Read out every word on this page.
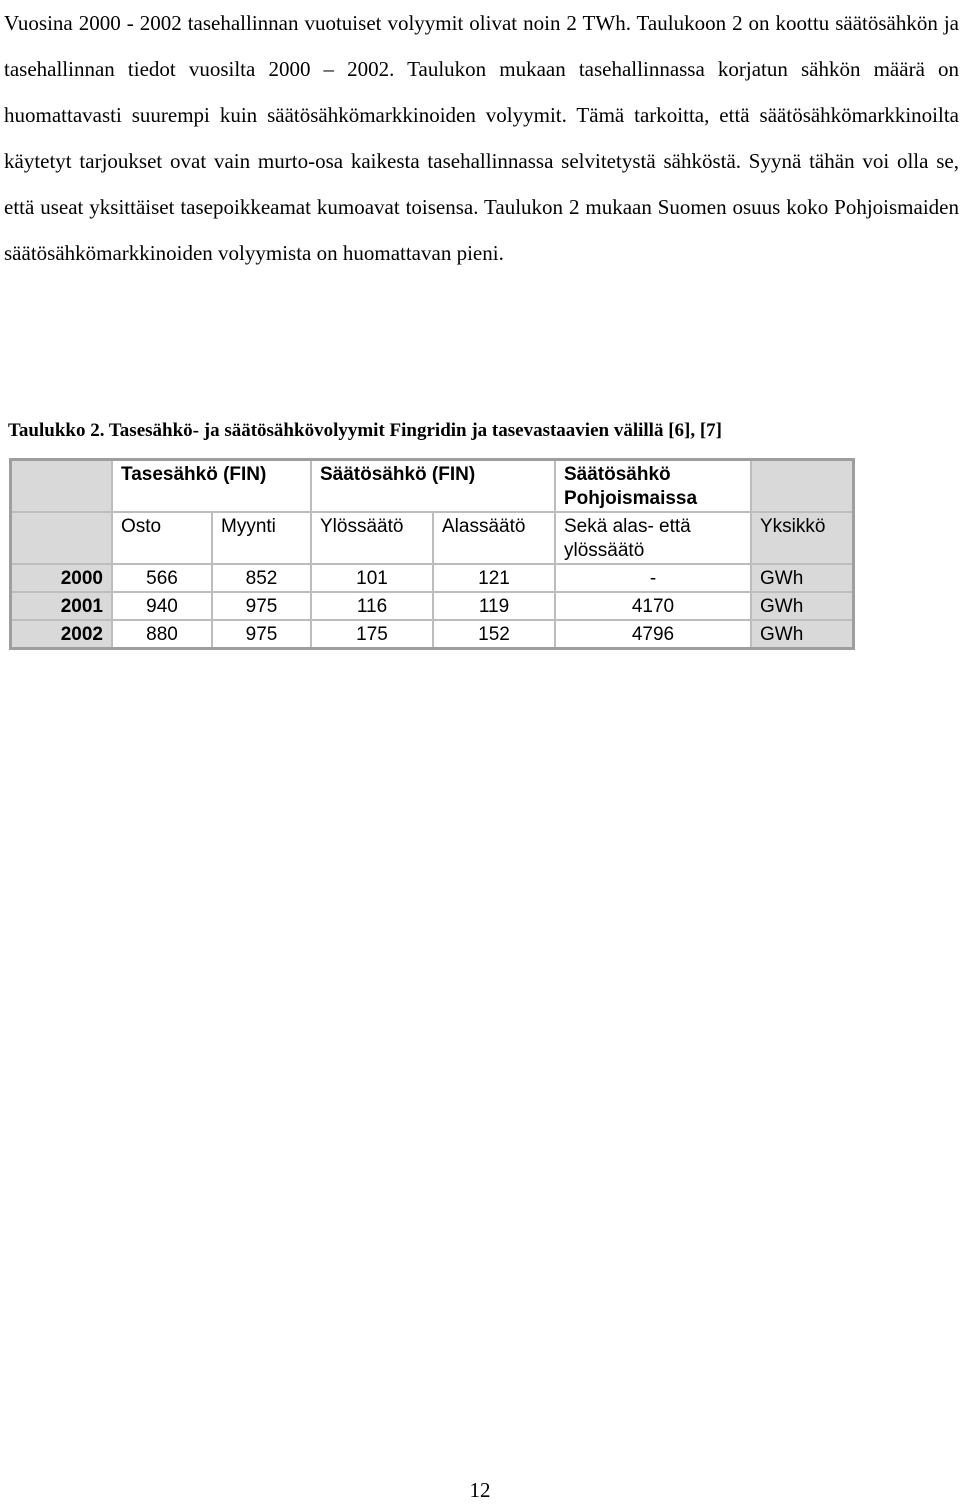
Vuosina 2000 - 2002 tasehallinnan vuotuiset volyymit olivat noin 2 TWh. Taulukoon 2 on koottu säätösähkön ja tasehallinnan tiedot vuosilta 2000 – 2002. Taulukon mukaan tasehallinnassa korjatun sähkön määrä on huomattavasti suurempi kuin säätösähkömarkkinoiden volyymit. Tämä tarkoitta, että säätösähkömarkkinoilta käytetyt tarjoukset ovat vain murto-osa kaikesta tasehallinnassa selvitetystä sähköstä. Syynä tähän voi olla se, että useat yksittäiset tasepoikkeamat kumoavat toisensa. Taulukon 2 mukaan Suomen osuus koko Pohjoismaiden säätösähkömarkkinoiden volyymista on huomattavan pieni.

Taulukko 2. Tasesähkö- ja säätösähkövolyymit Fingridin ja tasevastaavien välillä [6], [7]

	Tasesähkö (FIN)		Säätösähkö (FIN)		Säätösähkö Pohjoismaissa	
	Osto	Myynti	Ylössäätö	Alassäätö	Sekä alas- että ylössäätö	Yksikkö
2000	566	852	101	121	-	GWh
2001	940	975	116	119	4170	GWh
2002	880	975	175	152	4796	GWh

12
